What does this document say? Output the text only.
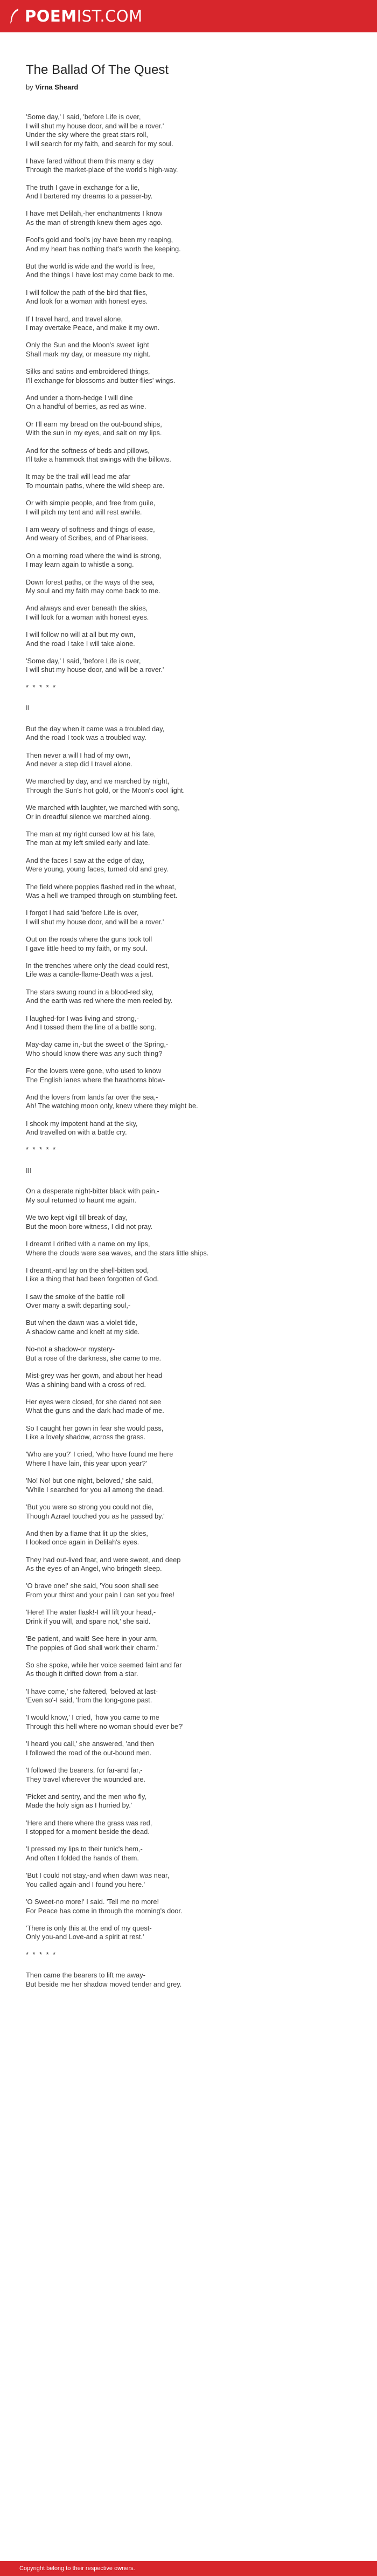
POEMIST.COM
The Ballad Of The Quest
by Virna Sheard
'Some day,' I said, 'before Life is over,
I will shut my house door, and will be a rover.'
Under the sky where the great stars roll,
I will search for my faith, and search for my soul.
I have fared without them this many a day
Through the market-place of the world's high-way.
The truth I gave in exchange for a lie,
And I bartered my dreams to a passer-by.
I have met Delilah,-her enchantments I know
As the man of strength knew them ages ago.
Fool's gold and fool's joy have been my reaping,
And my heart has nothing that's worth the keeping.
But the world is wide and the world is free,
And the things I have lost may come back to me.
I will follow the path of the bird that flies,
And look for a woman with honest eyes.
If I travel hard, and travel alone,
I may overtake Peace, and make it my own.
Only the Sun and the Moon's sweet light
Shall mark my day, or measure my night.
Silks and satins and embroidered things,
I'll exchange for blossoms and butter-flies' wings.
And under a thorn-hedge I will dine
On a handful of berries, as red as wine.
Or I'll earn my bread on the out-bound ships,
With the sun in my eyes, and salt on my lips.
And for the softness of beds and pillows,
I'll take a hammock that swings with the billows.
It may be the trail will lead me afar
To mountain paths, where the wild sheep are.
Or with simple people, and free from guile,
I will pitch my tent and will rest awhile.
I am weary of softness and things of ease,
And weary of Scribes, and of Pharisees.
On a morning road where the wind is strong,
I may learn again to whistle a song.
Down forest paths, or the ways of the sea,
My soul and my faith may come back to me.
And always and ever beneath the skies,
I will look for a woman with honest eyes.
I will follow no will at all but my own,
And the road I take I will take alone.
'Some day,' I said, 'before Life is over,
I will shut my house door, and will be a rover.'
* * * * *
II
But the day when it came was a troubled day,
And the road I took was a troubled way.
Then never a will I had of my own,
And never a step did I travel alone.
We marched by day, and we marched by night,
Through the Sun's hot gold, or the Moon's cool light.
We marched with laughter, we marched with song,
Or in dreadful silence we marched along.
The man at my right cursed low at his fate,
The man at my left smiled early and late.
And the faces I saw at the edge of day,
Were young, young faces, turned old and grey.
The field where poppies flashed red in the wheat,
Was a hell we tramped through on stumbling feet.
I forgot I had said 'before Life is over,
I will shut my house door, and will be a rover.'
Out on the roads where the guns took toll
I gave little heed to my faith, or my soul.
In the trenches where only the dead could rest,
Life was a candle-flame-Death was a jest.
The stars swung round in a blood-red sky,
And the earth was red where the men reeled by.
I laughed-for I was living and strong,-
And I tossed them the line of a battle song.
May-day came in,-but the sweet o' the Spring,-
Who should know there was any such thing?
For the lovers were gone, who used to know
The English lanes where the hawthorns blow-
And the lovers from lands far over the sea,-
Ah! The watching moon only, knew where they might be.
I shook my impotent hand at the sky,
And travelled on with a battle cry.
* * * * *
III
On a desperate night-bitter black with pain,-
My soul returned to haunt me again.
We two kept vigil till break of day,
But the moon bore witness, I did not pray.
I dreamt I drifted with a name on my lips,
Where the clouds were sea waves, and the stars little ships.
I dreamt,-and lay on the shell-bitten sod,
Like a thing that had been forgotten of God.
I saw the smoke of the battle roll
Over many a swift departing soul,-
But when the dawn was a violet tide,
A shadow came and knelt at my side.
No-not a shadow-or mystery-
But a rose of the darkness, she came to me.
Mist-grey was her gown, and about her head
Was a shining band with a cross of red.
Her eyes were closed, for she dared not see
What the guns and the dark had made of me.
So I caught her gown in fear she would pass,
Like a lovely shadow, across the grass.
'Who are you?' I cried, 'who have found me here
Where I have lain, this year upon year?'
'No! No! but one night, beloved,' she said,
'While I searched for you all among the dead.
'But you were so strong you could not die,
Though Azrael touched you as he passed by.'
And then by a flame that lit up the skies,
I looked once again in Delilah's eyes.
They had out-lived fear, and were sweet, and deep
As the eyes of an Angel, who bringeth sleep.
'O brave one!' she said, 'You soon shall see
From your thirst and your pain I can set you free!
'Here! The water flask!-I will lift your head,-
Drink if you will, and spare not,' she said.
'Be patient, and wait! See here in your arm,
The poppies of God shall work their charm.'
So she spoke, while her voice seemed faint and far
As though it drifted down from a star.
'I have come,' she faltered, 'beloved at last-
'Even so'-I said, 'from the long-gone past.
'I would know,' I cried, 'how you came to me
Through this hell where no woman should ever be?'
'I heard you call,' she answered, 'and then
I followed the road of the out-bound men.
'I followed the bearers, for far-and far,-
They travel wherever the wounded are.
'Picket and sentry, and the men who fly,
Made the holy sign as I hurried by.'
'Here and there where the grass was red,
I stopped for a moment beside the dead.
'I pressed my lips to their tunic's hem,-
And often I folded the hands of them.
'But I could not stay,-and when dawn was near,
You called again-and I found you here.'
'O Sweet-no more!' I said. 'Tell me no more!
For Peace has come in through the morning's door.
'There is only this at the end of my quest-
Only you-and Love-and a spirit at rest.'
* * * * *
Then came the bearers to lift me away-
But beside me her shadow moved tender and grey.
Copyright belong to their respective owners.
